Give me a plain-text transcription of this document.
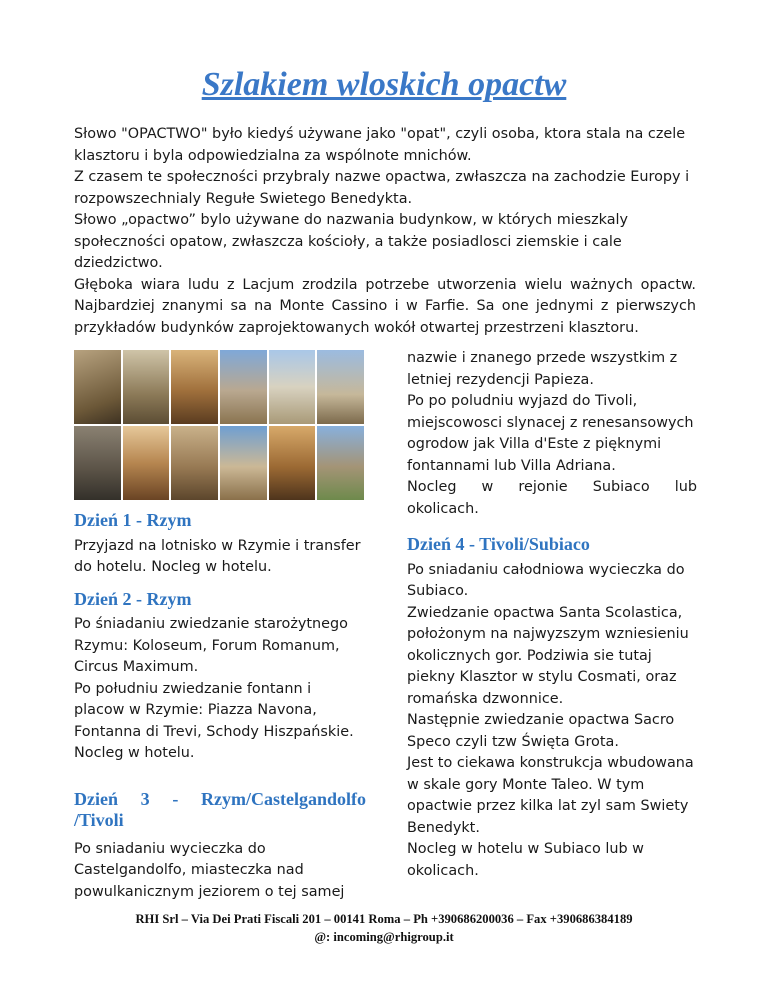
Szlakiem wloskich opactw

Słowo "OPACTWO" było kiedyś używane jako "opat", czyli osoba, ktora stala na czele klasztoru i byla odpowiedzialna za wspólnote mnichów.

Z czasem te społeczności przybraly nazwe opactwa, zwłaszcza na zachodzie Europy i rozpowszechnialy Regułe Swietego Benedykta.

Słowo „opactwo” bylo używane do nazwania budynkow, w których mieszkaly społeczności opatow, zwłaszcza kościoły, a także posiadlosci ziemskie i cale dziedzictwo.

Głęboka wiara ludu z Lacjum zrodzila potrzebe utworzenia wielu ważnych opactw. Najbardziej znanymi sa na Monte Cassino i w Farfie. Sa one jednymi z pierwszych przykładów budynków zaprojektowanych wokół otwartej przestrzeni klasztoru.

Dzień 1 - Rzym

Przyjazd na lotnisko w Rzymie i transfer do hotelu. Nocleg w hotelu.

Dzień 2 - Rzym

Po śniadaniu zwiedzanie starożytnego Rzymu: Koloseum, Forum Romanum, Circus Maximum.

Po południu zwiedzanie fontann i placow w Rzymie: Piazza Navona, Fontanna di Trevi, Schody Hiszpańskie.

Nocleg w hotelu.

Dzień 3 - Rzym/Castelgandolfo
/Tivoli

Po sniadaniu wycieczka do Castelgandolfo, miasteczka nad powulkanicznym jeziorem o tej samej

nazwie i znanego przede wszystkim z letniej rezydencji Papieza.

Po po poludniu wyjazd do Tivoli, miejscowosci slynacej z renesansowych ogrodow jak Villa d'Este z pięknymi fontannami lub Villa Adriana.

Nocleg w rejonie Subiaco lub
okolicach.

Dzień 4 - Tivoli/Subiaco

Po sniadaniu całodniowa wycieczka do Subiaco.

Zwiedzanie opactwa Santa Scolastica, położonym na najwyzszym wzniesieniu okolicznych gor. Podziwia sie tutaj piekny Klasztor w stylu Cosmati, oraz romańska dzwonnice.

Następnie zwiedzanie opactwa Sacro Speco czyli tzw Święta Grota.

Jest to ciekawa konstrukcja wbudowana w skale gory Monte Taleo. W tym opactwie przez kilka lat zyl sam Swiety Benedykt.

Nocleg w hotelu w Subiaco lub w okolicach.

RHI Srl – Via Dei Prati Fiscali 201 – 00141 Roma – Ph +390686200036 – Fax +390686384189

@: incoming@rhigroup.it
